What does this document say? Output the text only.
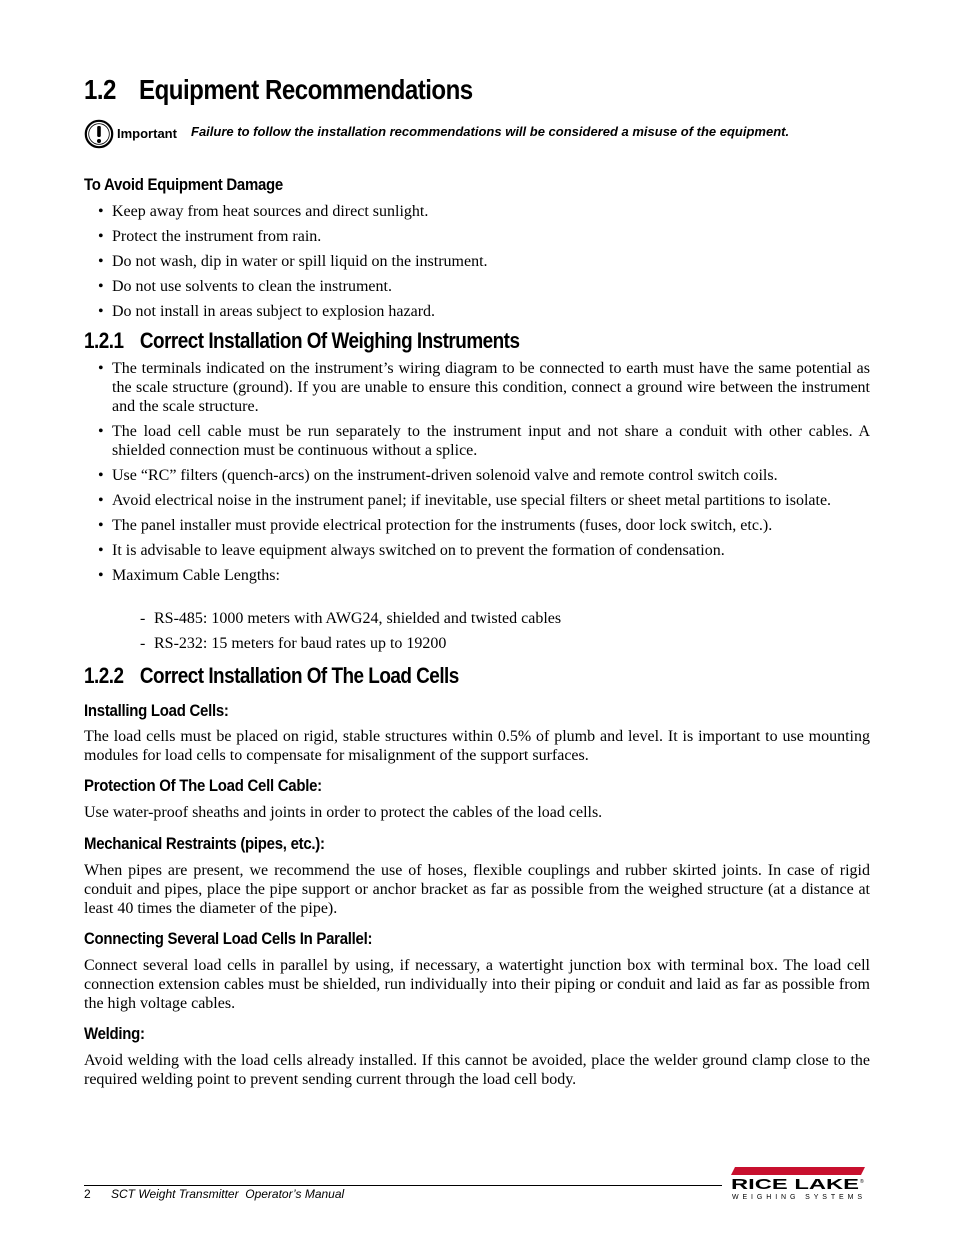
1.2 Equipment Recommendations
Important Failure to follow the installation recommendations will be considered a misuse of the equipment.
To Avoid Equipment Damage
• Keep away from heat sources and direct sunlight.
• Protect the instrument from rain.
• Do not wash, dip in water or spill liquid on the instrument.
• Do not use solvents to clean the instrument.
• Do not install in areas subject to explosion hazard.
1.2.1 Correct Installation Of Weighing Instruments
• The terminals indicated on the instrument’s wiring diagram to be connected to earth must have the same potential as the scale structure (ground). If you are unable to ensure this condition, connect a ground wire between the instrument and the scale structure.
• The load cell cable must be run separately to the instrument input and not share a conduit with other cables. A shielded connection must be continuous without a splice.
• Use “RC” filters (quench-arcs) on the instrument-driven solenoid valve and remote control switch coils.
• Avoid electrical noise in the instrument panel; if inevitable, use special filters or sheet metal partitions to isolate.
• The panel installer must provide electrical protection for the instruments (fuses, door lock switch, etc.).
• It is advisable to leave equipment always switched on to prevent the formation of condensation.
• Maximum Cable Lengths:
- RS-485: 1000 meters with AWG24, shielded and twisted cables
- RS-232: 15 meters for baud rates up to 19200
1.2.2 Correct Installation Of The Load Cells
Installing Load Cells:

The load cells must be placed on rigid, stable structures within 0.5% of plumb and level. It is important to use mounting modules for load cells to compensate for misalignment of the support surfaces.

Protection Of The Load Cell Cable:

Use water-proof sheaths and joints in order to protect the cables of the load cells.

Mechanical Restraints (pipes, etc.):

When pipes are present, we recommend the use of hoses, flexible couplings and rubber skirted joints. In case of rigid conduit and pipes, place the pipe support or anchor bracket as far as possible from the weighed structure (at a distance at least 40 times the diameter of the pipe).

Connecting Several Load Cells In Parallel:

Connect several load cells in parallel by using, if necessary, a watertight junction box with terminal box. The load cell connection extension cables must be shielded, run individually into their piping or conduit and laid as far as possible from the high voltage cables.

Welding:

Avoid welding with the load cells already installed. If this cannot be avoided, place the welder ground clamp close to the required welding point to prevent sending current through the load cell body.

2 SCT Weight Transmitter  Operator’s Manual
RICE LAKE ®
WEIGHING SYSTEMS
